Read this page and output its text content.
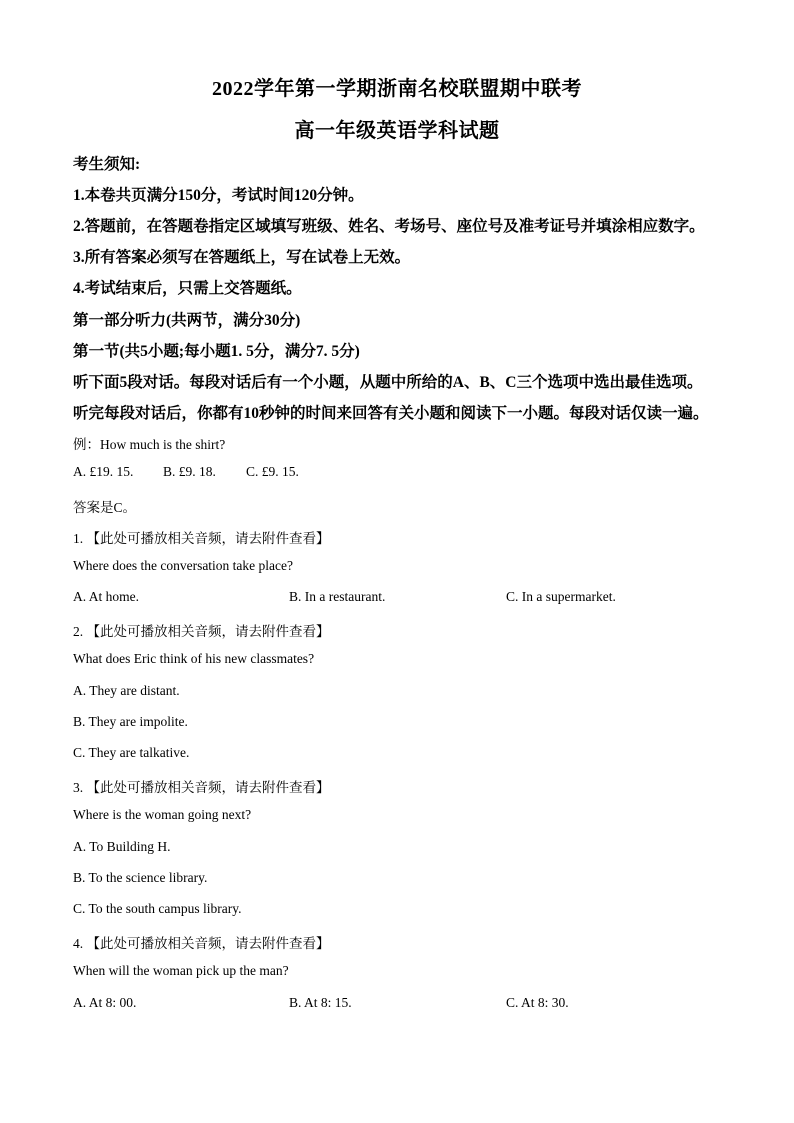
2022学年第一学期浙南名校联盟期中联考
高一年级英语学科试题
考生须知:
1.本卷共页满分150分，考试时间120分钟。
2.答题前，在答题卷指定区域填写班级、姓名、考场号、座位号及准考证号并填涂相应数字。
3.所有答案必须写在答题纸上，写在试卷上无效。
4.考试结束后，只需上交答题纸。
第一部分听力(共两节，满分30分)
第一节(共5小题;每小题1. 5分，满分7. 5分)
听下面5段对话。每段对话后有一个小题，从题中所给的A、B、C三个选项中选出最佳选项。
听完每段对话后，你都有10秒钟的时间来回答有关小题和阅读下一小题。每段对话仅读一遍。
例：How much is the shirt?
A. £19. 15. B. £9. 18. C. £9. 15.
答案是C。
1. 【此处可播放相关音频，请去附件查看】
Where does the conversation take place?
A. At home.	B. In a restaurant.	C. In a supermarket.
2. 【此处可播放相关音频，请去附件查看】
What does Eric think of his new classmates?
A. They are distant.
B. They are impolite.
C. They are talkative.
3. 【此处可播放相关音频，请去附件查看】
Where is the woman going next?
A. To Building H.
B. To the science library.
C. To the south campus library.
4. 【此处可播放相关音频，请去附件查看】
When will the woman pick up the man?
A. At 8: 00.	B. At 8: 15.	C. At 8: 30.
